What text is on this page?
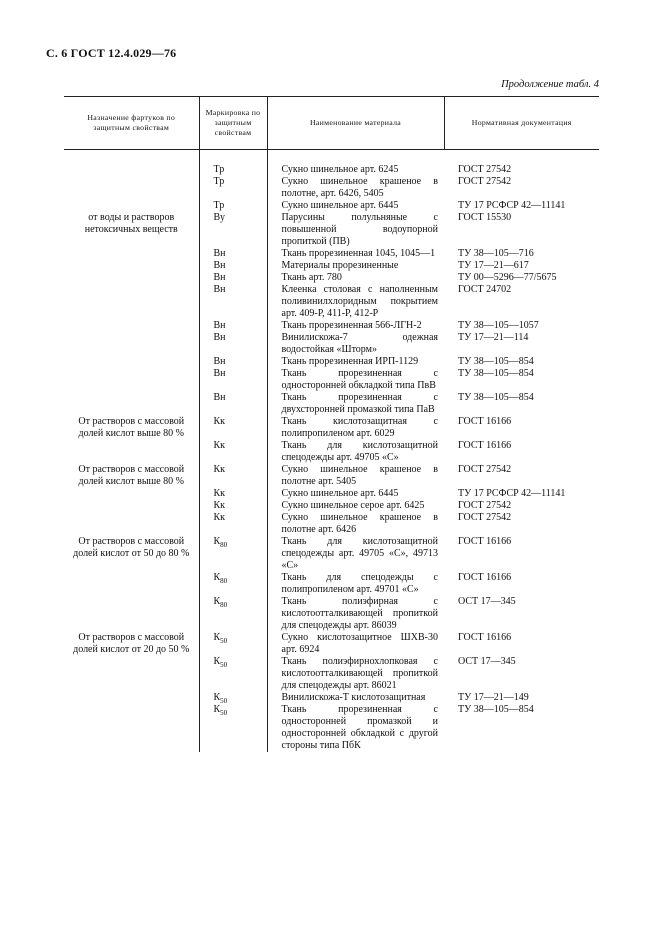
С. 6 ГОСТ 12.4.029—76
Продолжение табл. 4
Назначение фартуков по защитным свойствам	Маркировка по защитным свойствам	Наименование материала	Нормативная документация

	Тр	Сукно шинельное арт. 6245	ГОСТ 27542
	Тр	Сукно шинельное крашеное в полотне, арт. 6426, 5405	ГОСТ 27542
	Тр	Сукно шинельное арт. 6445	ТУ 17 РСФСР 42—11141
от воды и растворов нетоксичных веществ	Ву	Парусины полульняные с повышенной водоупорной пропиткой (ПВ)	ГОСТ 15530
	Вн	Ткань прорезиненная 1045, 1045—1	ТУ 38—105—716
	Вн	Материалы прорезиненные	ТУ 17—21—617
	Вн	Ткань арт. 780	ТУ 00—5296—77/5675
	Вн	Клеенка столовая с наполненным поливинилхлоридным покрытием арт. 409-Р, 411-Р, 412-Р	ГОСТ 24702
	Вн	Ткань прорезиненная 566-ЛГН-2	ТУ 38—105—1057
	Вн	Винилискожа-7 одежная водостойкая «Шторм»	ТУ 17—21—114
	Вн	Ткань прорезиненная ИРП-1129	ТУ 38—105—854
	Вн	Ткань прорезиненная с односторонней обкладкой типа ПвВ	ТУ 38—105—854
	Вн	Ткань прорезиненная с двухсторонней промазкой типа ПаВ	ТУ 38—105—854
От растворов с массовой долей кислот выше 80 %	Кк	Ткань кислотозащитная с полипропиленом арт. 6029	ГОСТ 16166
	Кк	Ткань для кислотозащитной спецодежды арт. 49705 «С»	ГОСТ 16166
От растворов с массовой долей кислот выше 80 %	Кк	Сукно шинельное крашеное в полотне арт. 5405	ГОСТ 27542
	Кк	Сукно шинельное арт. 6445	ТУ 17 РСФСР 42—11141
	Кк	Сукно шинельное серое арт. 6425	ГОСТ 27542
	Кк	Сукно шинельное крашеное в полотне арт. 6426	ГОСТ 27542
От растворов с массовой долей кислот от 50 до 80 %	$К_{80}$	Ткань для кислотозащитной спецодежды арт. 49705 «С», 49713 «С»	ГОСТ 16166
	$К_{80}$	Ткань для спецодежды с полипропиленом арт. 49701 «С»	ГОСТ 16166
	$К_{80}$	Ткань полиэфирная с кислотоотталкивающей пропиткой для спецодежды арт. 86039	ОСТ 17—345
От растворов с массовой долей кислот от 20 до 50 %	$К_{50}$	Сукно кислотозащитное ШХВ-30 арт. 6924	ГОСТ 16166
	$К_{50}$	Ткань полиэфирнохлопковая с кислотоотталкивающей пропиткой для спецодежды арт. 86021	ОСТ 17—345
	$К_{50}$	Винилискожа-Т кислотозащитная	ТУ 17—21—149
	$К_{50}$	Ткань прорезиненная с односторонней промазкой и односторонней обкладкой с другой стороны типа ПбК	ТУ 38—105—854
